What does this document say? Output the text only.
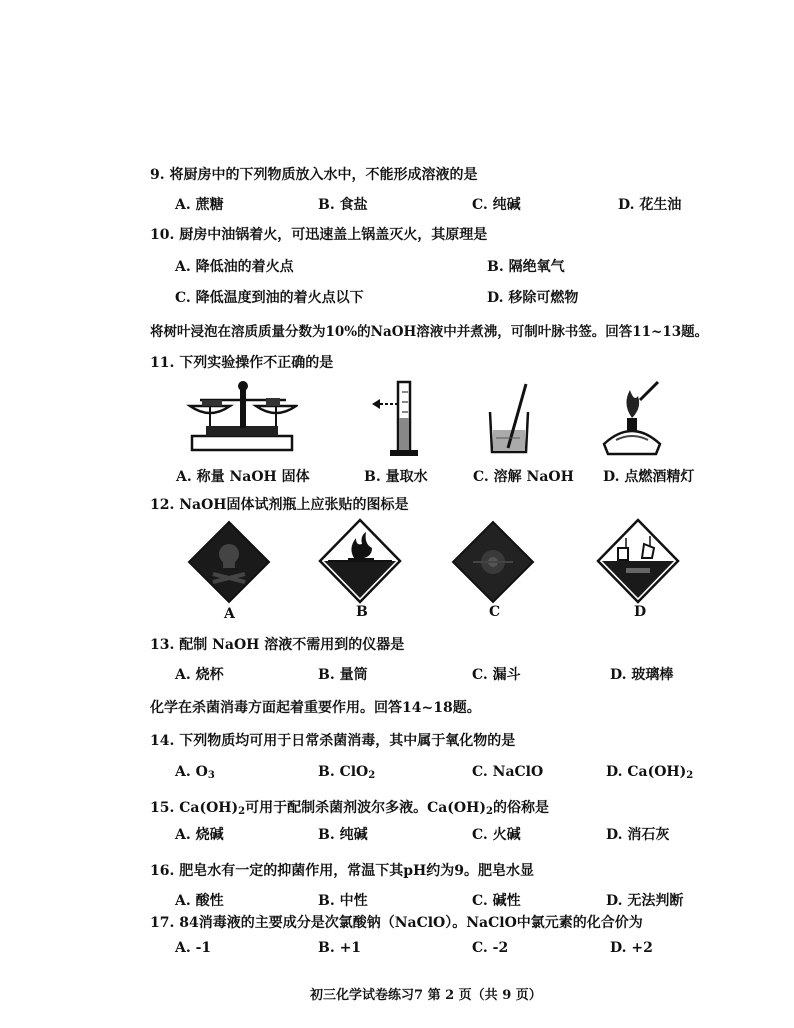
9. 将厨房中的下列物质放入水中，不能形成溶液的是
A. 蔗糖	B. 食盐	C. 纯碱	D. 花生油
10. 厨房中油锅着火，可迅速盖上锅盖灭火，其原理是
A. 降低油的着火点	B. 隔绝氧气
C. 降低温度到油的着火点以下	D. 移除可燃物
将树叶浸泡在溶质质量分数为10%的NaOH溶液中并煮沸，可制叶脉书签。回答11~13题。
11. 下列实验操作不正确的是
A. 称量 NaOH 固体	B. 量取水	C. 溶解 NaOH D. 点燃酒精灯
12. NaOH固体试剂瓶上应张贴的图标是
A	B	C	D
13. 配制 NaOH 溶液不需用到的仪器是
A. 烧杯	B. 量筒	C. 漏斗	D. 玻璃棒
化学在杀菌消毒方面起着重要作用。回答14~18题。
14. 下列物质均可用于日常杀菌消毒，其中属于氧化物的是
A. $O_3$	B. ClO$_2$	C. NaClO	D. $Ca(OH)_2$
15. $Ca(OH)_2$可用于配制杀菌剂波尔多液。$Ca(OH)_2$的俗称是
A. 烧碱	B. 纯碱	C. 火碱	D. 消石灰
16. 肥皂水有一定的抑菌作用，常温下其pH约为9。肥皂水显
A. 酸性	B. 中性	C. 碱性	D. 无法判断
17. 84消毒液的主要成分是次氯酸钠（NaClO）。NaClO中氯元素的化合价为
A. -1	B. +1	C. -2	D. +2
初三化学试卷练习7 第 2 页（共 9 页）
